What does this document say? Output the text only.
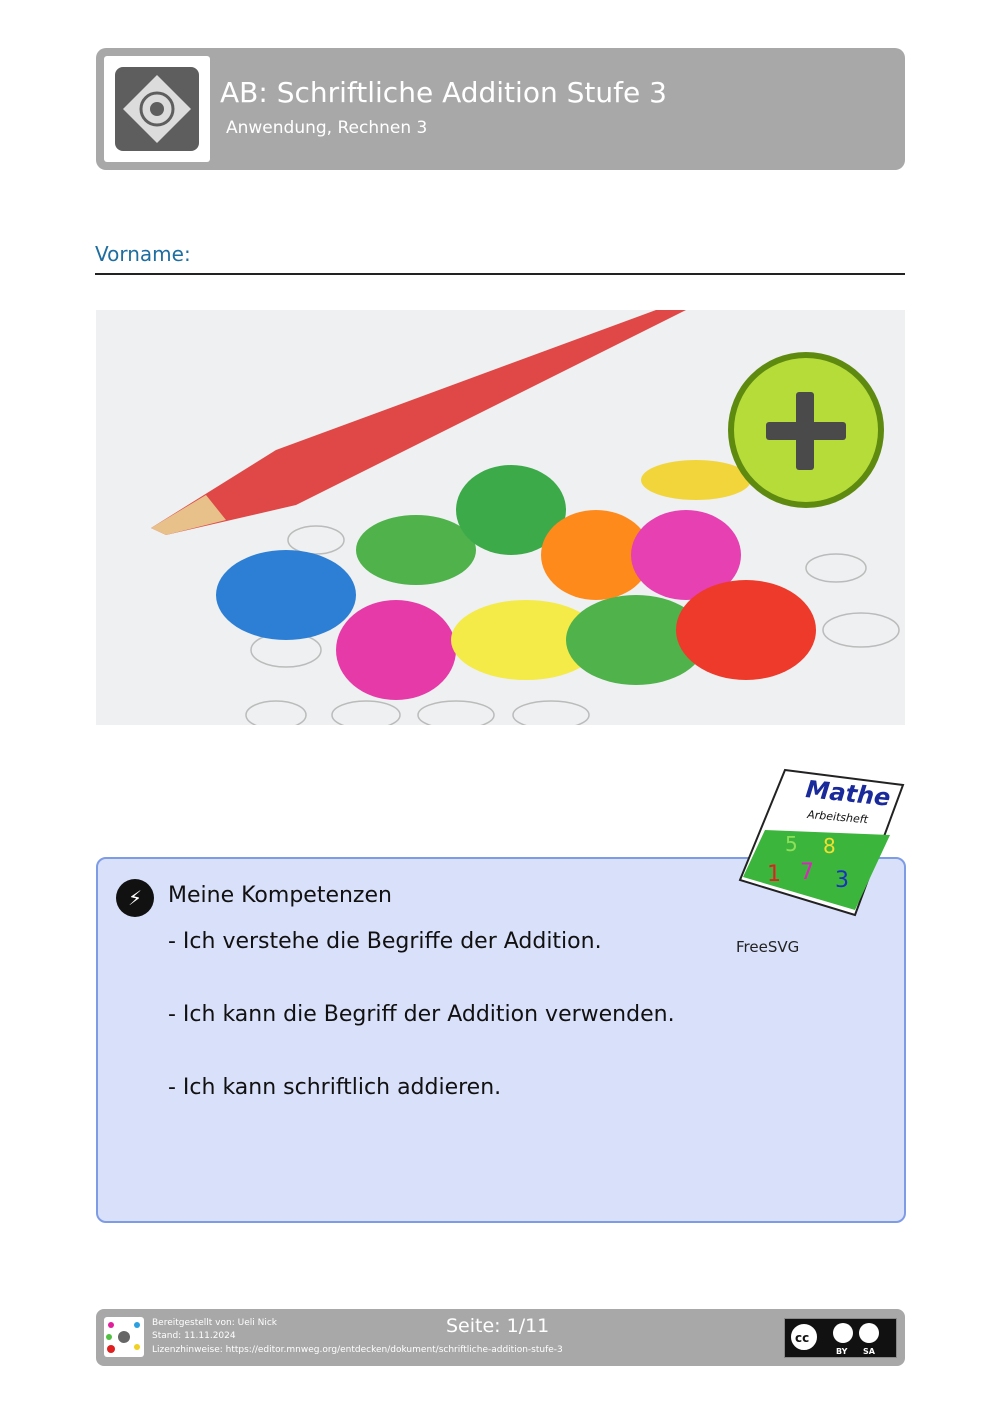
AB: Schriftliche Addition Stufe 3
Anwendung, Rechnen 3
Vorname:
⚡	Meine Kompetenzen
- Ich verstehe die Begriffe der Addition.
- Ich kann die Begriff der Addition verwenden.
- Ich kann schriftlich addieren.
FreeSVG
Mathe
Arbeitsheft
5 8
1 7 3
Bereitgestellt von: Ueli Nick
Stand: 11.11.2024
Lizenzhinweise: https://editor.mnweg.org/entdecken/dokument/schriftliche-addition-stufe-3
Seite: 1/11
cc
BY SA
